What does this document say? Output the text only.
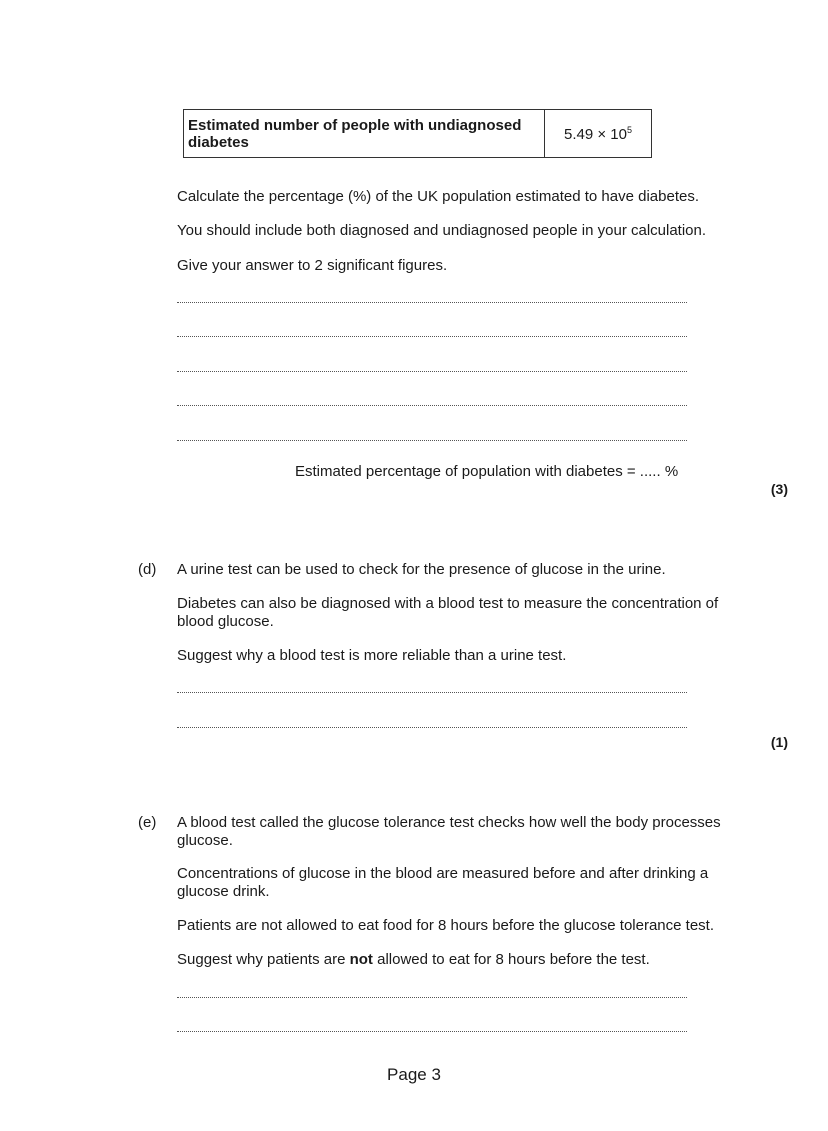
Estimated number of people with undiagnosed diabetes	$5.49 \times 10^5$
Calculate the percentage (%) of the UK population estimated to have diabetes.
You should include both diagnosed and undiagnosed people in your calculation.
Give your answer to 2 significant figures.
Estimated percentage of population with diabetes = ..... %
(3)
(d) A urine test can be used to check for the presence of glucose in the urine.
Diabetes can also be diagnosed with a blood test to measure the concentration of blood glucose.
Suggest why a blood test is more reliable than a urine test.
(1)
(e) A blood test called the glucose tolerance test checks how well the body processes glucose.
Concentrations of glucose in the blood are measured before and after drinking a glucose drink.
Patients are not allowed to eat food for 8 hours before the glucose tolerance test.
Suggest why patients are not allowed to eat for 8 hours before the test.
Page 3
